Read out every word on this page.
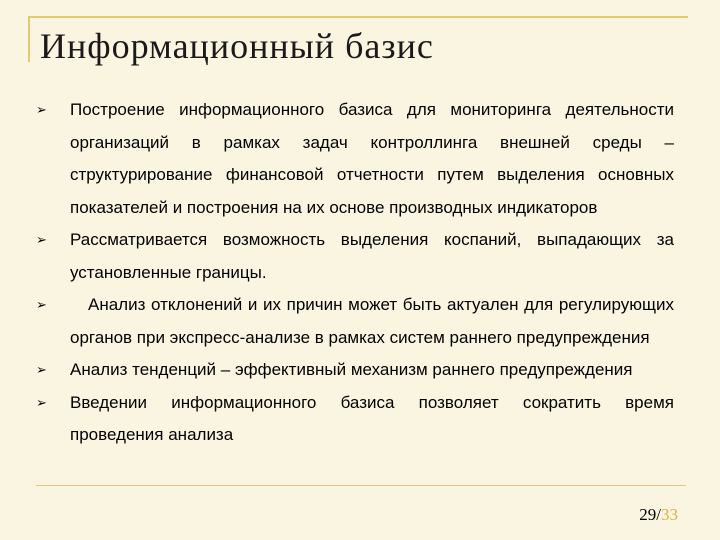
Информационный базис
➢ Построение информационного базиса для мониторинга деятельности организаций в рамках задач контроллинга внешней среды – структурирование финансовой отчетности путем выделения основных показателей и построения на их основе производных индикаторов
➢ Рассматривается возможность выделения коспаний, выпадающих за установленные границы.
➢	Анализ отклонений и их причин может быть актуален для регулирующих органов при экспресс-анализе в рамках систем раннего предупреждения
➢ Анализ тенденций – эффективный механизм раннего предупреждения
➢ Введении информационного базиса позволяет сократить время проведения анализа
29/33
